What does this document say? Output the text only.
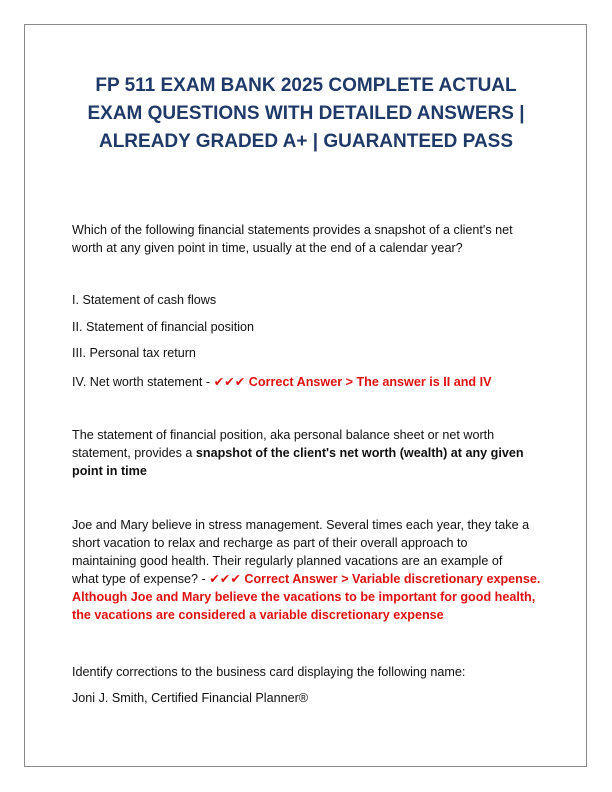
FP 511 EXAM BANK 2025 COMPLETE ACTUAL
EXAM QUESTIONS WITH DETAILED ANSWERS |
ALREADY GRADED A+ | GUARANTEED PASS

Which of the following financial statements provides a snapshot of a client's net

worth at any given point in time, usually at the end of a calendar year?

I. Statement of cash flows
II. Statement of financial position
III. Personal tax return
IV. Net worth statement - ✔✔✔ Correct Answer > The answer is II and IV

The statement of financial position, aka personal balance sheet or net worth

statement, provides a snapshot of the client's net worth (wealth) at any given

point in time

Joe and Mary believe in stress management. Several times each year, they take a

short vacation to relax and recharge as part of their overall approach to

maintaining good health. Their regularly planned vacations are an example of

what type of expense? - ✔✔✔ Correct Answer > Variable discretionary expense.

Although Joe and Mary believe the vacations to be important for good health,

the vacations are considered a variable discretionary expense

Identify corrections to the business card displaying the following name:

Joni J. Smith, Certified Financial Planner®
